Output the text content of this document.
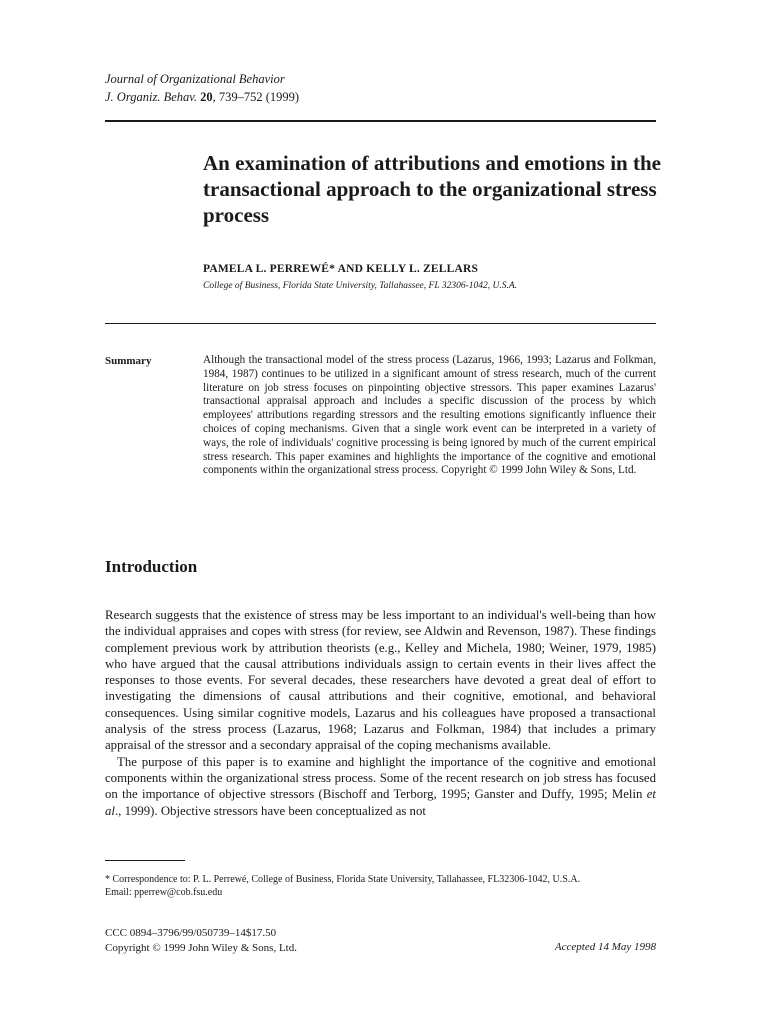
Journal of Organizational Behavior
J. Organiz. Behav. 20, 739–752 (1999)
An examination of attributions and emotions in the transactional approach to the organizational stress process
PAMELA L. PERREWÉ* AND KELLY L. ZELLARS
College of Business, Florida State University, Tallahassee, FL 32306-1042, U.S.A.
Summary	Although the transactional model of the stress process (Lazarus, 1966, 1993; Lazarus and Folkman, 1984, 1987) continues to be utilized in a significant amount of stress research, much of the current literature on job stress focuses on pinpointing objective stressors. This paper examines Lazarus' transactional appraisal approach and includes a specific discussion of the process by which employees' attributions regarding stressors and the resulting emotions significantly influence their choices of coping mechanisms. Given that a single work event can be interpreted in a variety of ways, the role of individuals' cognitive processing is being ignored by much of the current empirical stress research. This paper examines and highlights the importance of the cognitive and emotional components within the organizational stress process. Copyright © 1999 John Wiley & Sons, Ltd.

Introduction

Research suggests that the existence of stress may be less important to an individual's well-being than how the individual appraises and copes with stress (for review, see Aldwin and Revenson, 1987). These findings complement previous work by attribution theorists (e.g., Kelley and Michela, 1980; Weiner, 1979, 1985) who have argued that the causal attributions individuals assign to certain events in their lives affect the responses to those events. For several decades, these researchers have devoted a great deal of effort to investigating the dimensions of causal attributions and their cognitive, emotional, and behavioral consequences. Using similar cognitive models, Lazarus and his colleagues have proposed a transactional analysis of the stress process (Lazarus, 1968; Lazarus and Folkman, 1984) that includes a primary appraisal of the stressor and a secondary appraisal of the coping mechanisms available.

The purpose of this paper is to examine and highlight the importance of the cognitive and emotional components within the organizational stress process. Some of the recent research on job stress has focused on the importance of objective stressors (Bischoff and Terborg, 1995; Ganster and Duffy, 1995; Melin et al., 1999). Objective stressors have been conceptualized as not

* Correspondence to: P. L. Perrewé, College of Business, Florida State University, Tallahassee, FL32306-1042, U.S.A.
Email: pperrew@cob.fsu.edu
CCC 0894–3796/99/050739–14$17.50
Copyright © 1999 John Wiley & Sons, Ltd.	Accepted 14 May 1998
